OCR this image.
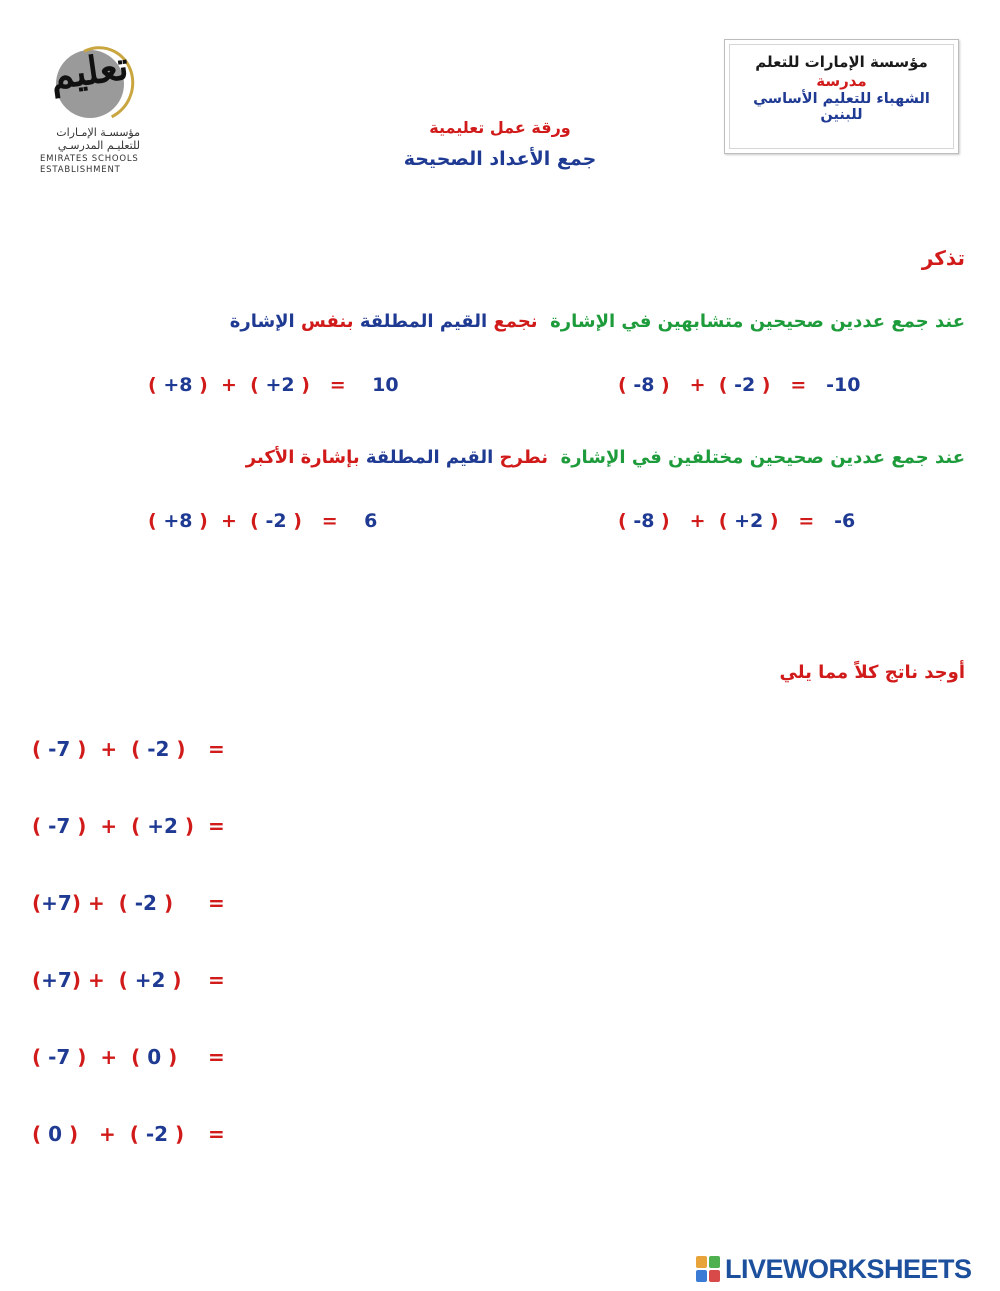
تعليم
مؤسسـة الإمـارات
للتعليـم المدرسـي
EMIRATES SCHOOLS
ESTABLISHMENT
مؤسسة الإمارات للتعلم
مدرسة
الشهباء للتعليم الأساسي للبنين
ورقة عمل تعليمية
جمع الأعداد الصحيحة
تذكر
عند جمع عددين صحيحين متشابهين في الإشارة  نجمع القيم المطلقة بنفس الإشارة
( +8 ) + ( +2 ) = 10	( -8 ) + ( -2 ) = -10
عند جمع عددين صحيحين مختلفين في الإشارة  نطرح القيم المطلقة بإشارة الأكبر
( +8 ) + ( -2 ) = 6	( -8 ) + ( +2 ) = -6
أوجد ناتج كلاً مما يلي
( -7 ) + ( -2 ) =
( -7 ) + ( +2 ) =
(+7) + ( -2 ) =
(+7) + ( +2 ) =
( -7 ) + ( 0 ) =
( 0 ) + ( -2 ) =
LIVEWORKSHEETS
